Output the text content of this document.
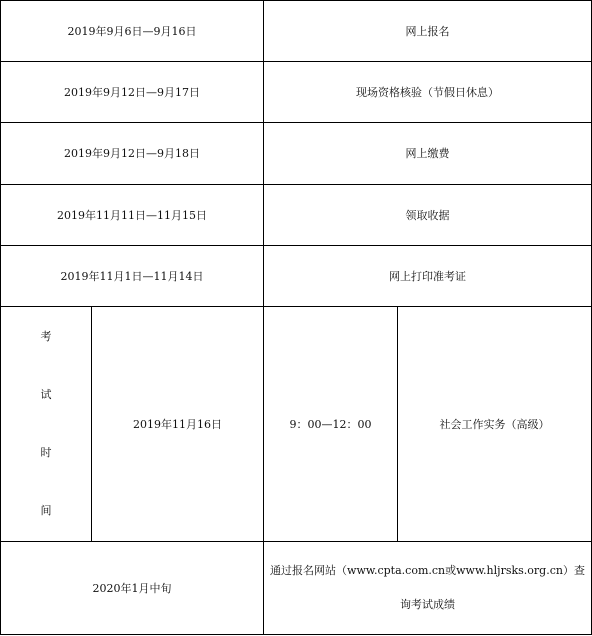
2019年9月6日—9月16日		网上报名	
2019年9月12日—9月17日		现场资格核验（节假日休息）	
2019年9月12日—9月18日		网上缴费	
2019年11月11日—11月15日		领取收据	
2019年11月1日—11月14日		网上打印准考证	

考
试
时
间	2019年11月16日	9：00—12：00	社会工作实务（高级）
2020年1月中旬		通过报名网站（www.cpta.com.cn或www.hljrsks.org.cn）查询考试成绩	
